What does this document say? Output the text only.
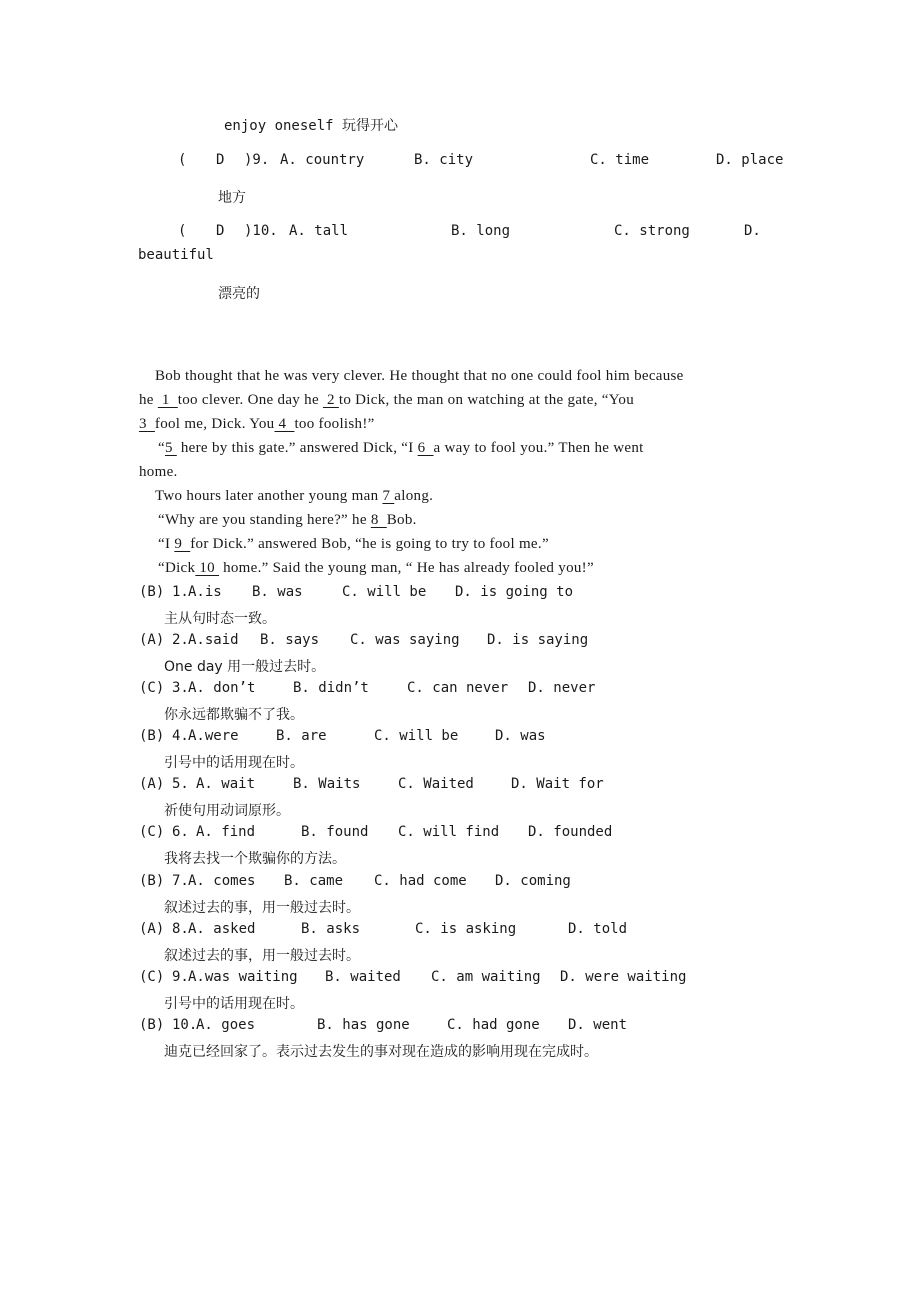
enjoy oneself 玩得开心
( D )9. A. country	B. city	C. time	D. place
地方
( D )10. A. tall	B. long	C. strong	D.
beautiful
漂亮的
Bob thought that he was very clever. He thought that no one could fool him because
he  1  too clever. One day he  2 to Dick, the man on watching at the gate, “You
3  fool me, Dick. You 4  too foolish!”
“5  here by this gate.” answered Dick, “I 6  a way to fool you.” Then he went
home.
Two hours later another young man 7 along.
“Why are you standing here?” he 8  Bob.
“I 9  for Dick.” answered Bob, “he is going to try to fool me.”
“Dick 10  home.” Said the young man, “ He has already fooled you!”
(B) 1. A.is B. was	C. will be D. is going to
主从句时态一致。
(A) 2. A.said B. says C. was saying D. is saying
One day 用一般过去时。
(C) 3. A. don’t	B. didn’t	C. can never D. never
你永远都欺骗不了我。
(B) 4. A.were	B. are	C. will be	D. was
引号中的话用现在时。
(A) 5. A. wait	B. Waits	C. Waited	D. Wait for
祈使句用动词原形。
(C) 6. A. find	B. found C. will find D. founded
我将去找一个欺骗你的方法。
(B) 7. A. comes B. came C. had come D. coming
叙述过去的事，用一般过去时。
(A) 8. A. asked	B. asks	C. is asking	D. told
叙述过去的事，用一般过去时。
(C) 9. A.was waiting B. waited C. am waiting D. were waiting
引号中的话用现在时。
(B) 10.
A. goes	B. has gone	C. had gone D. went
迪克已经回家了。表示过去发生的事对现在造成的影响用现在完成时。
